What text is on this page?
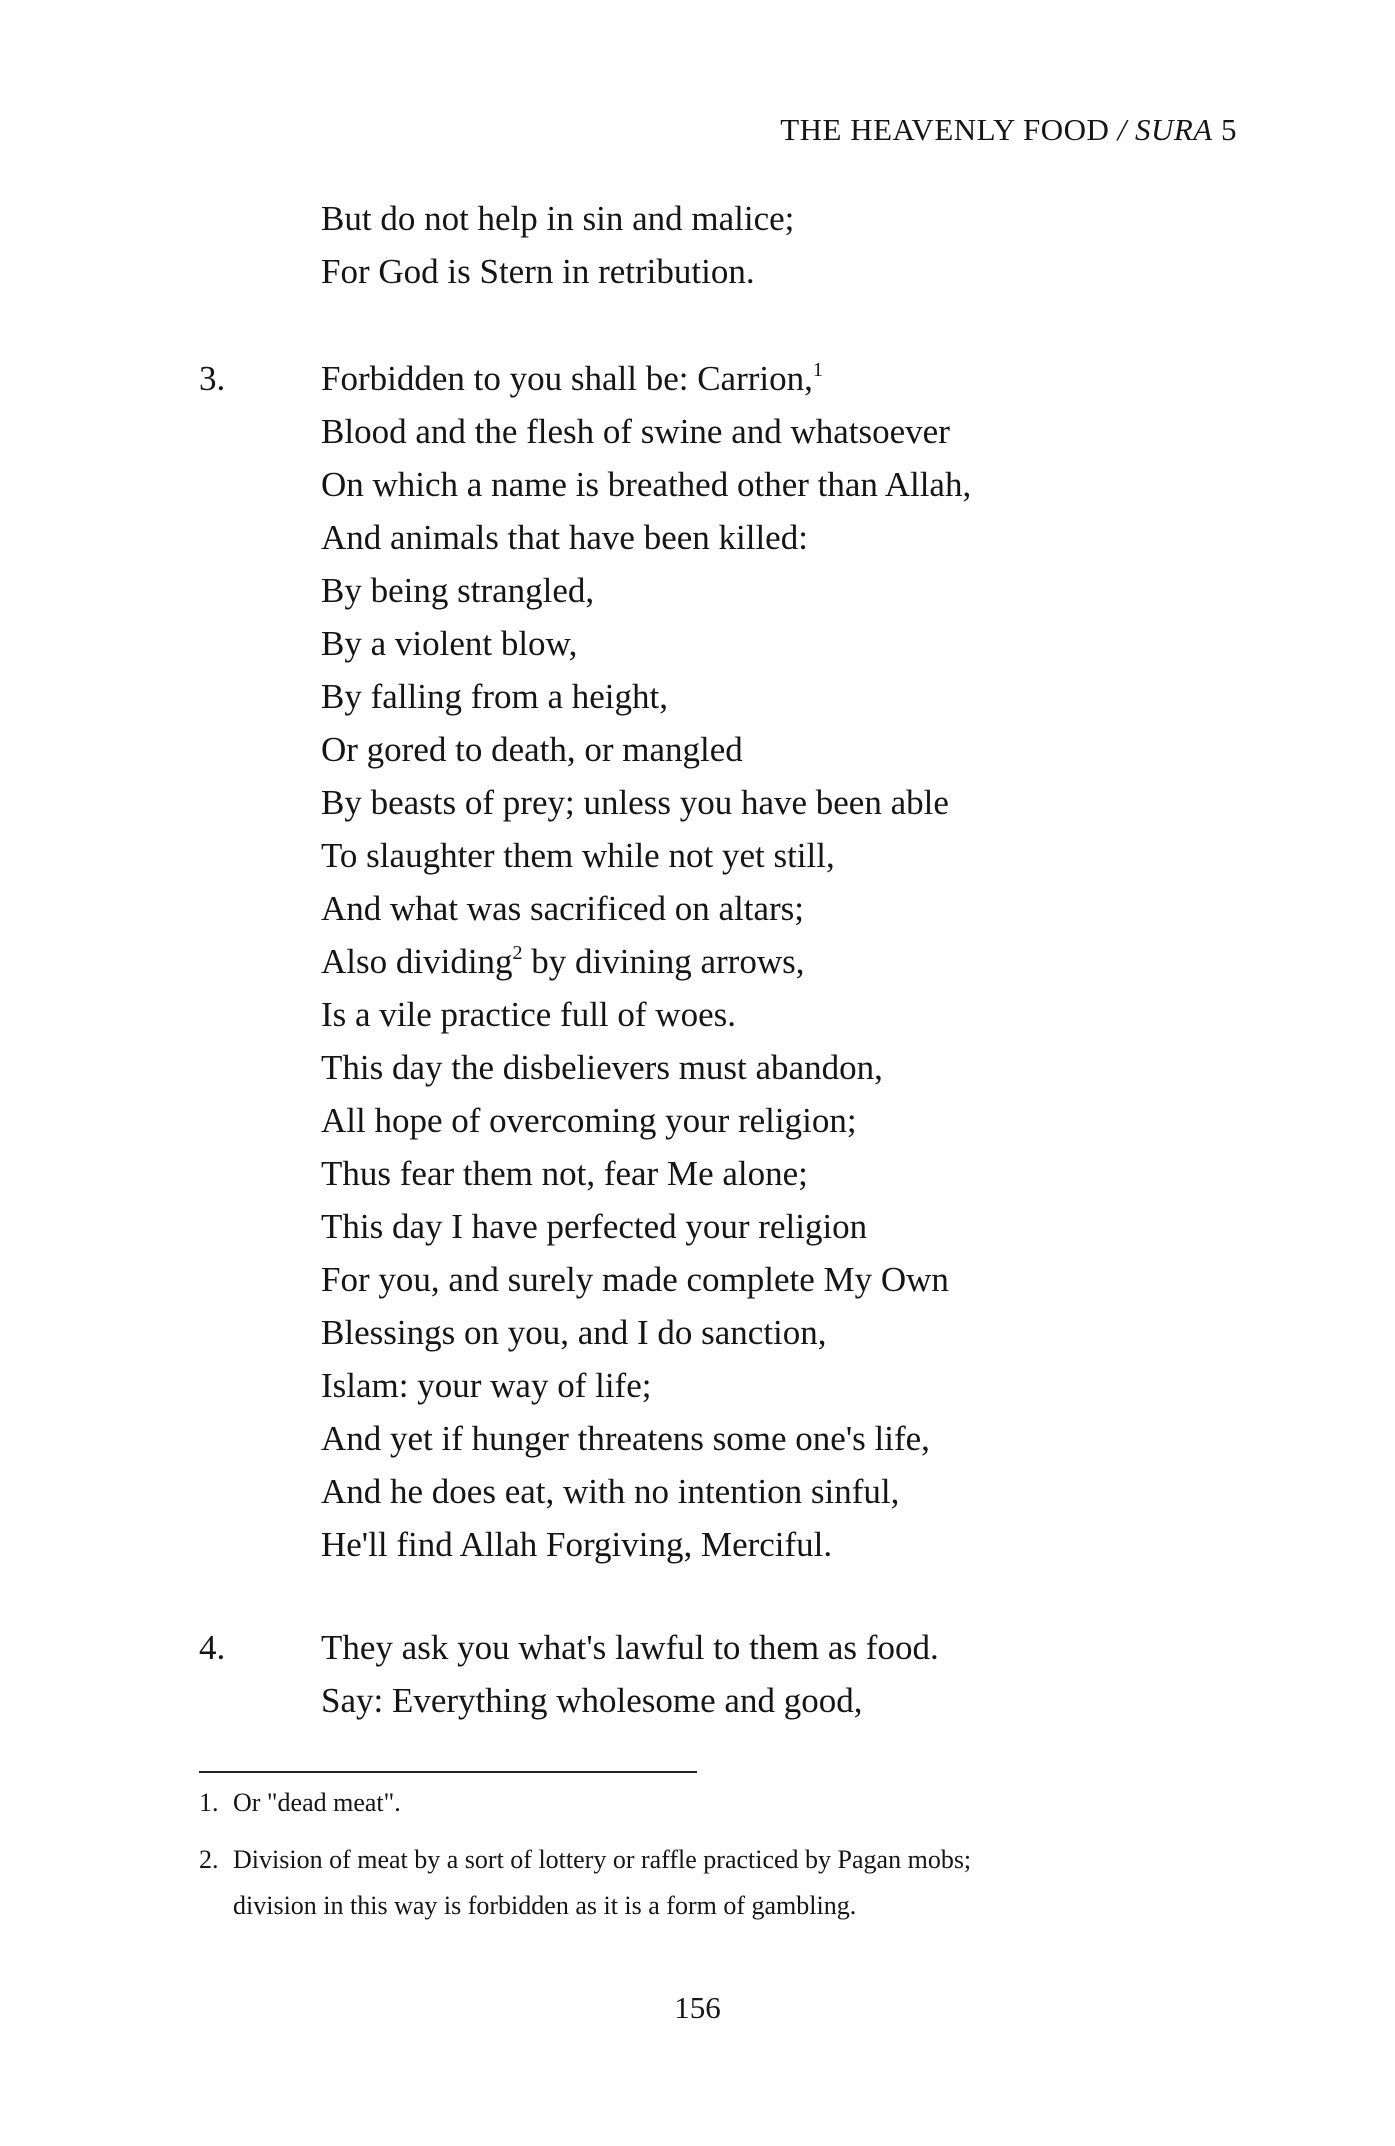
THE HEAVENLY FOOD / SURA 5
But do not help in sin and malice;
For God is Stern in retribution.
3.	Forbidden to you shall be: Carrion,$^1$
Blood and the flesh of swine and whatsoever
On which a name is breathed other than Allah,
And animals that have been killed:
By being strangled,
By a violent blow,
By falling from a height,
Or gored to death, or mangled
By beasts of prey; unless you have been able
To slaughter them while not yet still,
And what was sacrificed on altars;
Also dividing$^2$ by divining arrows,
Is a vile practice full of woes.
This day the disbelievers must abandon,
All hope of overcoming your religion;
Thus fear them not, fear Me alone;
This day I have perfected your religion
For you, and surely made complete My Own
Blessings on you, and I do sanction,
Islam: your way of life;
And yet if hunger threatens some one's life,
And he does eat, with no intention sinful,
He'll find Allah Forgiving, Merciful.
4.	They ask you what's lawful to them as food.
Say: Everything wholesome and good,
1. Or "dead meat".
2. Division of meat by a sort of lottery or raffle practiced by Pagan mobs;
division in this way is forbidden as it is a form of gambling.
156
